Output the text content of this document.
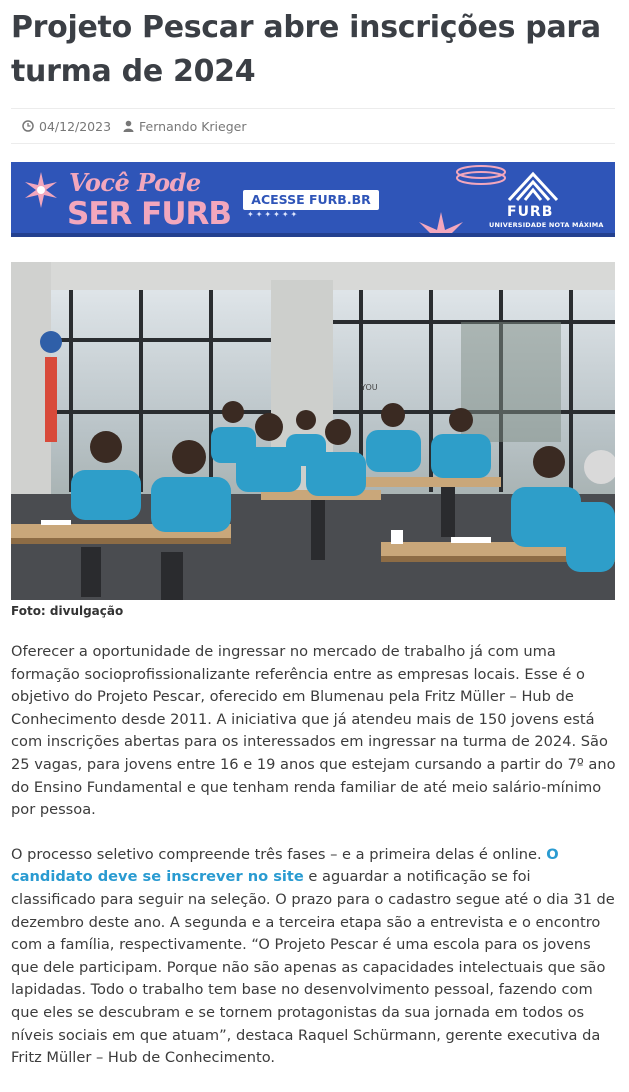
Projeto Pescar abre inscrições para turma de 2024
04/12/2023 Fernando Krieger
Você Pode
SER FURB	ACESSE FURB.BR
✦✦✦✦✦✦	FURB
UNIVERSIDADE NOTA MÁXIMA
YOU
Foto: divulgação

Oferecer a oportunidade de ingressar no mercado de trabalho já com uma formação socioprofissionalizante referência entre as empresas locais. Esse é o objetivo do Projeto Pescar, oferecido em Blumenau pela Fritz Müller – Hub de Conhecimento desde 2011. A iniciativa que já atendeu mais de 150 jovens está com inscrições abertas para os interessados em ingressar na turma de 2024. São 25 vagas, para jovens entre 16 e 19 anos que estejam cursando a partir do 7º ano do Ensino Fundamental e que tenham renda familiar de até meio salário-mínimo por pessoa.

O processo seletivo compreende três fases – e a primeira delas é online. O candidato deve se inscrever no site e aguardar a notificação se foi classificado para seguir na seleção. O prazo para o cadastro segue até o dia 31 de dezembro deste ano. A segunda e a terceira etapa são a entrevista e o encontro com a família, respectivamente. “O Projeto Pescar é uma escola para os jovens que dele participam. Porque não são apenas as capacidades intelectuais que são lapidadas. Todo o trabalho tem base no desenvolvimento pessoal, fazendo com que eles se descubram e se tornem protagonistas da sua jornada em todos os níveis sociais em que atuam”, destaca Raquel Schürmann, gerente executiva da Fritz Müller – Hub de Conhecimento.
